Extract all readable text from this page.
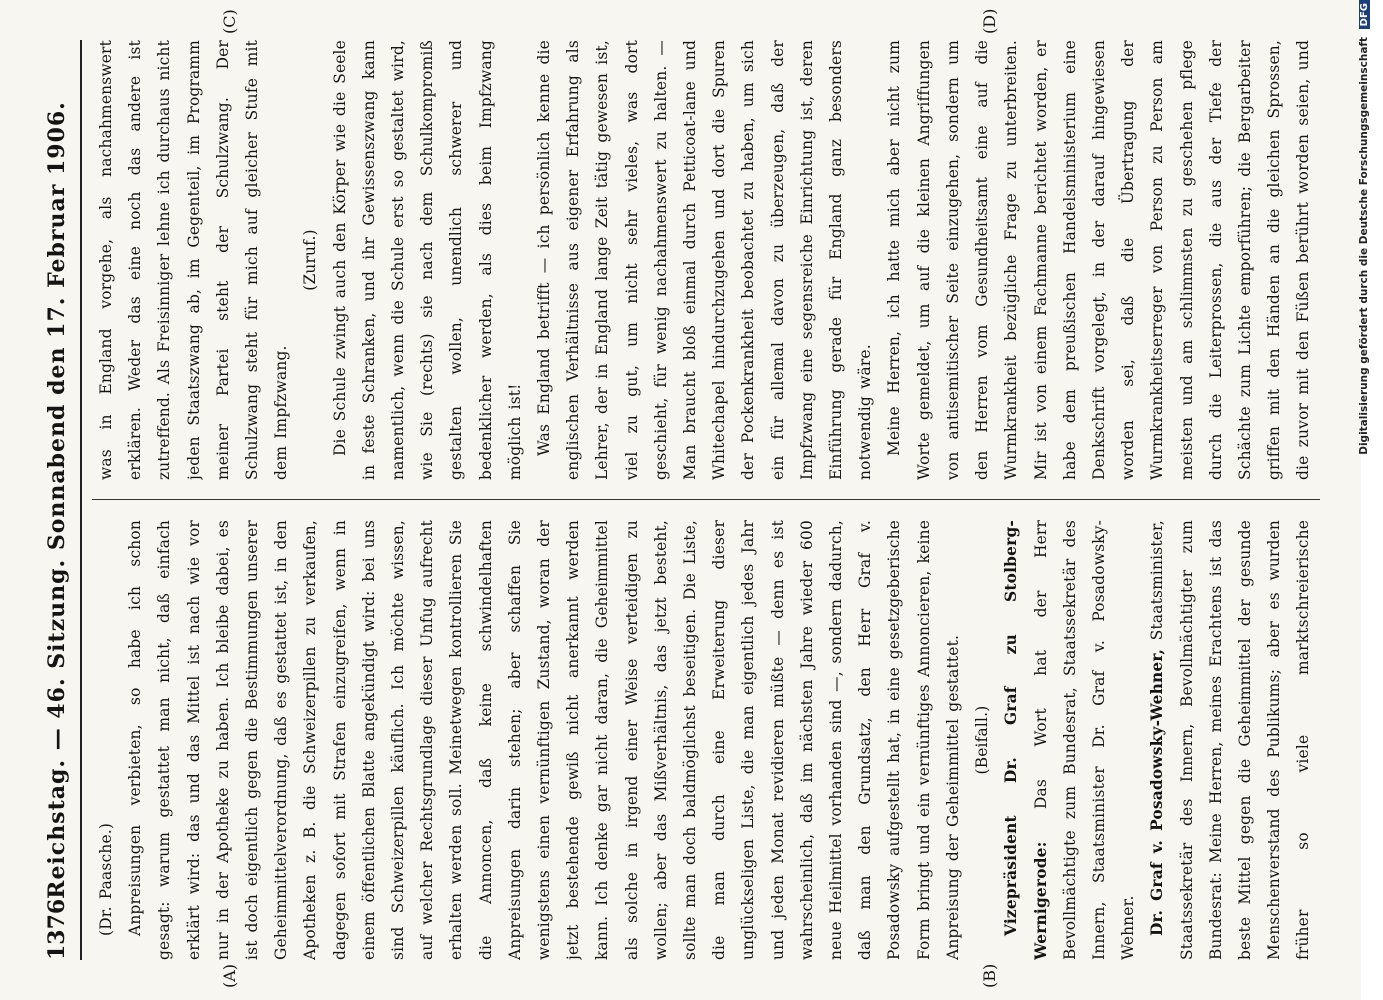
1376
Reichstag. — 46. Sitzung. Sonnabend den 17. Februar 1906.
(A)	(B)
(C)	(D)

(Dr. Paasche.) Anpreisungen verbieten, so habe ich schon gesagt: warum gestattet man nicht, daß einfach erklärt wird: das und das Mittel ist nach wie vor nur in der Apotheke zu haben. Ich bleibe dabei, es ist doch eigentlich gegen die Bestimmungen unserer Geheimmittelverordnung, daß es gestattet ist, in den Apotheken z. B. die Schweizerpillen zu verkaufen, dagegen sofort mit Strafen einzugreifen, wenn in einem öffentlichen Blatte angekündigt wird: bei uns sind Schweizerpillen käuflich. Ich möchte wissen, auf welcher Rechtsgrundlage dieser Unfug aufrecht erhalten werden soll. Meinetwegen kontrollieren Sie die Annoncen, daß keine schwindelhaften Anpreisungen darin stehen; aber schaffen Sie wenigstens einen vernünftigen Zustand, woran der jetzt bestehende gewiß nicht anerkannt werden kann. Ich denke gar nicht daran, die Geheimmittel als solche in irgend einer Weise verteidigen zu wollen; aber das Mißverhältnis, das jetzt besteht, sollte man doch baldmöglichst beseitigen. Die Liste, die man durch eine Erweiterung dieser unglückseligen Liste, die man eigentlich jedes Jahr und jeden Monat revidieren müßte — denn es ist wahrscheinlich, daß im nächsten Jahre wieder 600 neue Heilmittel vorhanden sind —, sondern dadurch, daß man den Grundsatz, den Herr Graf v. Posadowsky aufgestellt hat, in eine gesetzgeberische Form bringt und ein vernünftiges Annoncieren, keine Anpreisung der Geheimmittel gestattet. (Beifall.) Vizepräsident Dr. Graf zu Stolberg-Wernigerode: Das Wort hat der Herr Bevollmächtigte zum Bundesrat, Staatssekretär des Innern, Staatsminister Dr. Graf v. Posadowsky-Wehner. Dr. Graf v. Posadowsky-Wehner, Staatsminister, Staatssekretär des Innern, Bevollmächtigter zum Bundesrat: Meine Herren, meines Erachtens ist das beste Mittel gegen die Geheimmittel der gesunde Menschenverstand des Publikums; aber es wurden früher so viele marktschreierische

was in England vorgehe, als nachahmenswert erklären. Weder das eine noch das andere ist zutreffend. Als Freisinniger lehne ich durchaus nicht jeden Staatszwang ab, im Gegenteil, im Programm meiner Partei steht der Schulzwang. Der Schulzwang steht für mich auf gleicher Stufe mit dem Impfzwang.

(Zuruf.) Die Schule zwingt auch den Körper wie die Seele in feste Schranken, und ihr Gewissenszwang kann namentlich, wenn die Schule erst so gestaltet wird, wie Sie (rechts) sie nach dem Schulkompromiß gestalten wollen, unendlich schwerer und bedenklicher werden, als dies beim Impfzwang möglich ist! Was England betrifft — ich persönlich kenne die englischen Verhältnisse aus eigener Erfahrung als Lehrer, der in England lange Zeit tätig gewesen ist, viel zu gut, um nicht sehr vieles, was dort geschieht, für wenig nachahmenswert zu halten. — Man braucht bloß einmal durch Petticoat-lane und Whitechapel hindurchzugehen und dort die Spuren der Pockenkrankheit beobachtet zu haben, um sich ein für allemal davon zu überzeugen, daß der Impfzwang eine segensreiche Einrichtung ist, deren Einführung gerade für England ganz besonders notwendig wäre. Meine Herren, ich hatte mich aber nicht zum Worte gemeldet, um auf die kleinen Angriffungen von antisemitischer Seite einzugehen, sondern um den Herren vom Gesundheitsamt eine auf die Wurmkrankheit bezügliche Frage zu unterbreiten. Mir ist von einem Fachmanne berichtet worden, er habe dem preußischen Handelsministerium eine Denkschrift vorgelegt, in der darauf hingewiesen worden sei, daß die Übertragung der Wurmkrankheitserreger von Person zu Person am meisten und am schlimmsten zu geschehen pflege durch die Leiterprossen, die aus der Tiefe der Schächte zum Lichte emporführen; die Bergarbeiter griffen mit den Händen an die gleichen Sprossen, die zuvor mit den Füßen berührt worden seien, und	Digitalisierung gefördert durch die Deutsche Forschungsgemeinschaft DFG
